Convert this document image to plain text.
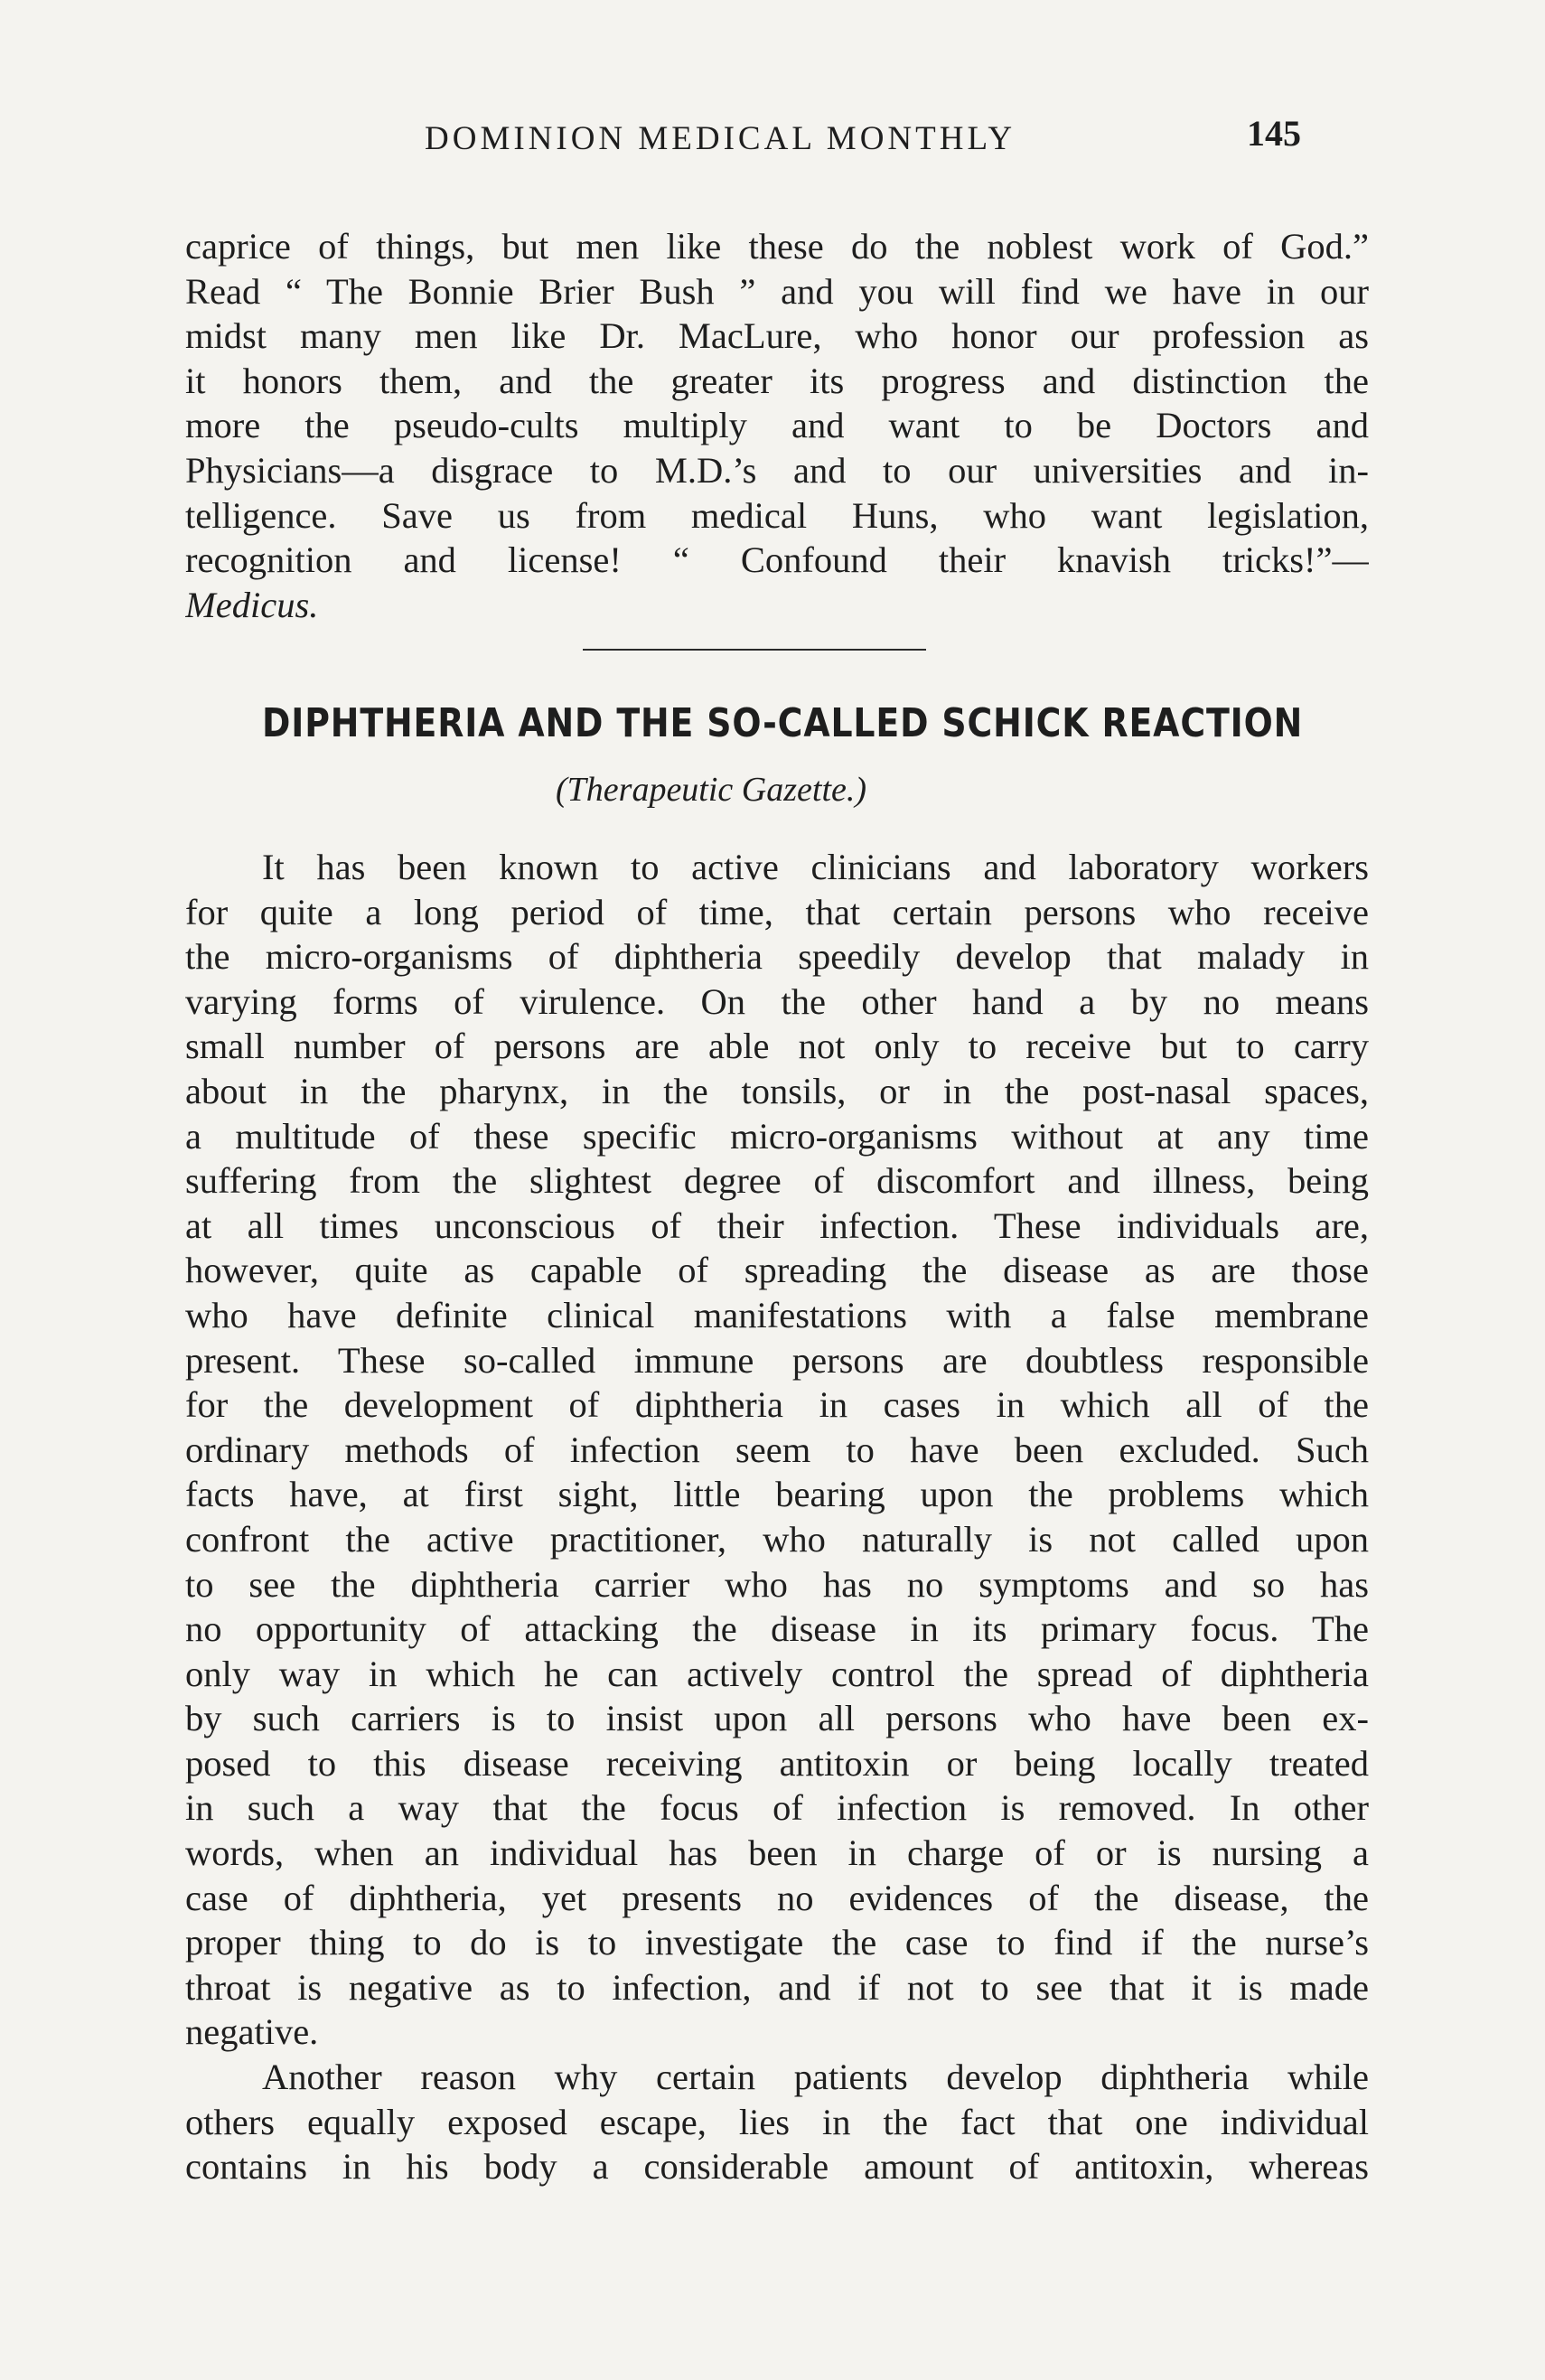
DOMINION MEDICAL MONTHLY	145
caprice of things, but men like these do the noblest work of God.”
Read “ The Bonnie Brier Bush ” and you will find we have in our
midst many men like Dr. MacLure, who honor our profession as
it honors them, and the greater its progress and distinction the
more the pseudo-cults multiply and want to be Doctors and
Physicians—a disgrace to M.D.’s and to our universities and in-
telligence. Save us from medical Huns, who want legislation,
recognition and license! “ Confound their knavish tricks!”—
Medicus.
DIPHTHERIA AND THE SO-CALLED SCHICK REACTION
(Therapeutic Gazette.)
It has been known to active clinicians and laboratory workers
for quite a long period of time, that certain persons who receive
the micro-organisms of diphtheria speedily develop that malady in
varying forms of virulence. On the other hand a by no means
small number of persons are able not only to receive but to carry
about in the pharynx, in the tonsils, or in the post-nasal spaces,
a multitude of these specific micro-organisms without at any time
suffering from the slightest degree of discomfort and illness, being
at all times unconscious of their infection. These individuals are,
however, quite as capable of spreading the disease as are those
who have definite clinical manifestations with a false membrane
present. These so-called immune persons are doubtless responsible
for the development of diphtheria in cases in which all of the
ordinary methods of infection seem to have been excluded. Such
facts have, at first sight, little bearing upon the problems which
confront the active practitioner, who naturally is not called upon
to see the diphtheria carrier who has no symptoms and so has
no opportunity of attacking the disease in its primary focus. The
only way in which he can actively control the spread of diphtheria
by such carriers is to insist upon all persons who have been ex-
posed to this disease receiving antitoxin or being locally treated
in such a way that the focus of infection is removed. In other
words, when an individual has been in charge of or is nursing a
case of diphtheria, yet presents no evidences of the disease, the
proper thing to do is to investigate the case to find if the nurse’s
throat is negative as to infection, and if not to see that it is made
negative.
Another reason why certain patients develop diphtheria while
others equally exposed escape, lies in the fact that one individual
contains in his body a considerable amount of antitoxin, whereas
